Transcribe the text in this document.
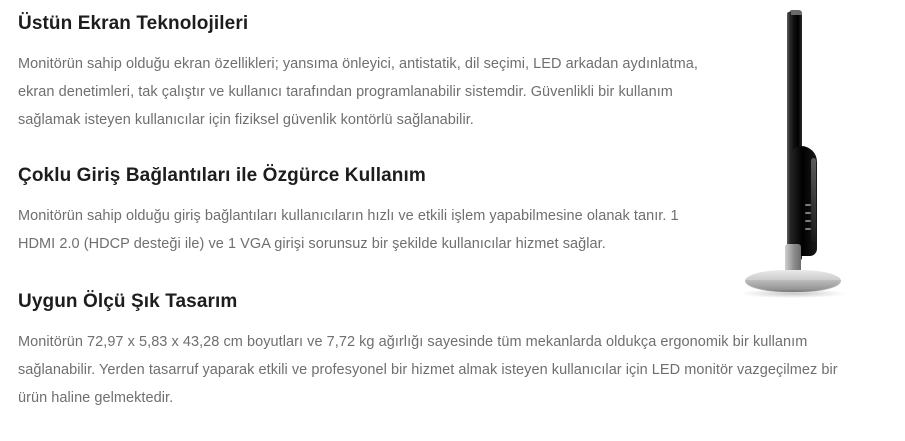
Üstün Ekran Teknolojileri

Monitörün sahip olduğu ekran özellikleri; yansıma önleyici, antistatik, dil seçimi, LED arkadan aydınlatma, ekran denetimleri, tak çalıştır ve kullanıcı tarafından programlanabilir sistemdir. Güvenlikli bir kullanım sağlamak isteyen kullanıcılar için fiziksel güvenlik kontörlü sağlanabilir.

Çoklu Giriş Bağlantıları ile Özgürce Kullanım

Monitörün sahip olduğu giriş bağlantıları kullanıcıların hızlı ve etkili işlem yapabilmesine olanak tanır. 1 HDMI 2.0 (HDCP desteği ile) ve 1 VGA girişi sorunsuz bir şekilde kullanıcılar hizmet sağlar.

Uygun Ölçü Şık Tasarım

Monitörün 72,97 x 5,83 x 43,28 cm boyutları ve 7,72 kg ağırlığı sayesinde tüm mekanlarda oldukça ergonomik bir kullanım sağlanabilir. Yerden tasarruf yaparak etkili ve profesyonel bir hizmet almak isteyen kullanıcılar için LED monitör vazgeçilmez bir ürün haline gelmektedir.
